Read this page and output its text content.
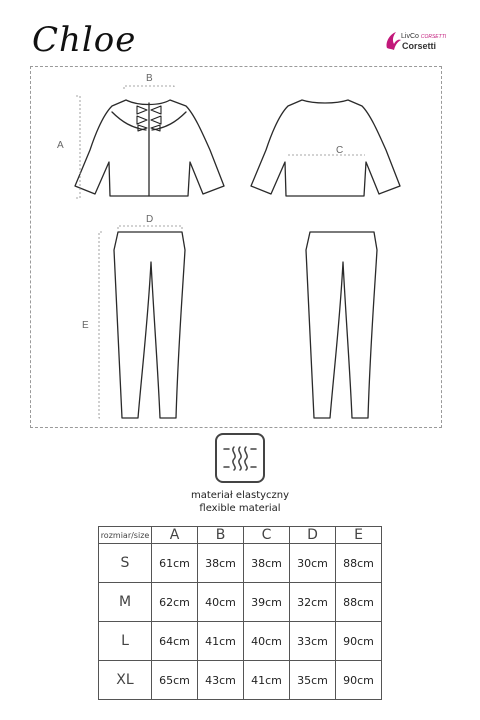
Chloe	LivCo CORSETTI
Corsetti
B
A	C
D
E
materiał elastyczny
flexible material
rozmiar/size	A	B	C	D	E
S	61cm	38cm	38cm	30cm	88cm
M	62cm	40cm	39cm	32cm	88cm
L	64cm	41cm	40cm	33cm	90cm
XL	65cm	43cm	41cm	35cm	90cm
